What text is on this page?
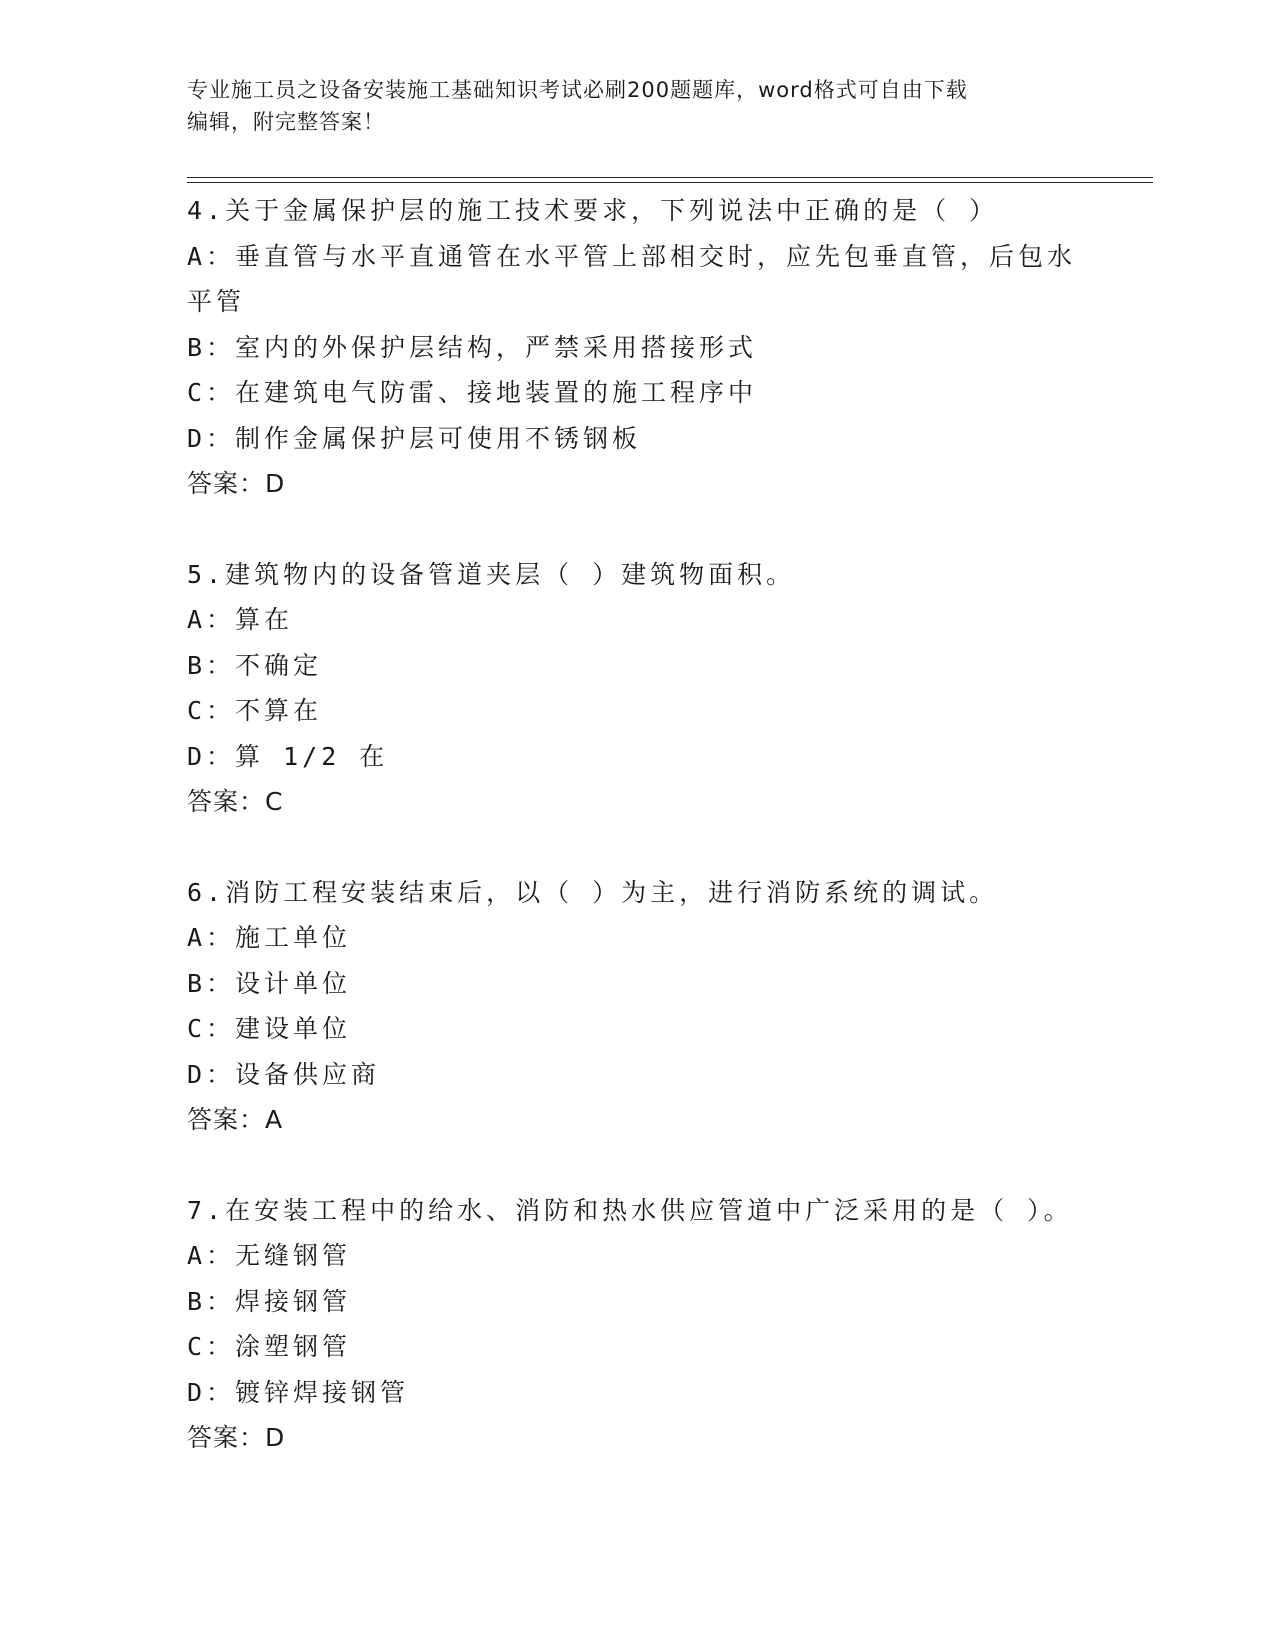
专业施工员之设备安装施工基础知识考试必刷200题题库，word格式可自由下载
编辑，附完整答案！
4.关于金属保护层的施工技术要求，下列说法中正确的是（ ）
A：垂直管与水平直通管在水平管上部相交时，应先包垂直管，后包水
平管
B：室内的外保护层结构，严禁采用搭接形式
C：在建筑电气防雷、接地装置的施工程序中
D：制作金属保护层可使用不锈钢板
答案：D
5.建筑物内的设备管道夹层（ ）建筑物面积。
A：算在
B：不确定
C：不算在
D：算 1/2 在
答案：C
6.消防工程安装结束后，以（ ）为主，进行消防系统的调试。
A：施工单位
B：设计单位
C：建设单位
D：设备供应商
答案：A
7.在安装工程中的给水、消防和热水供应管道中广泛采用的是（ ）。
A：无缝钢管
B：焊接钢管
C：涂塑钢管
D：镀锌焊接钢管
答案：D
